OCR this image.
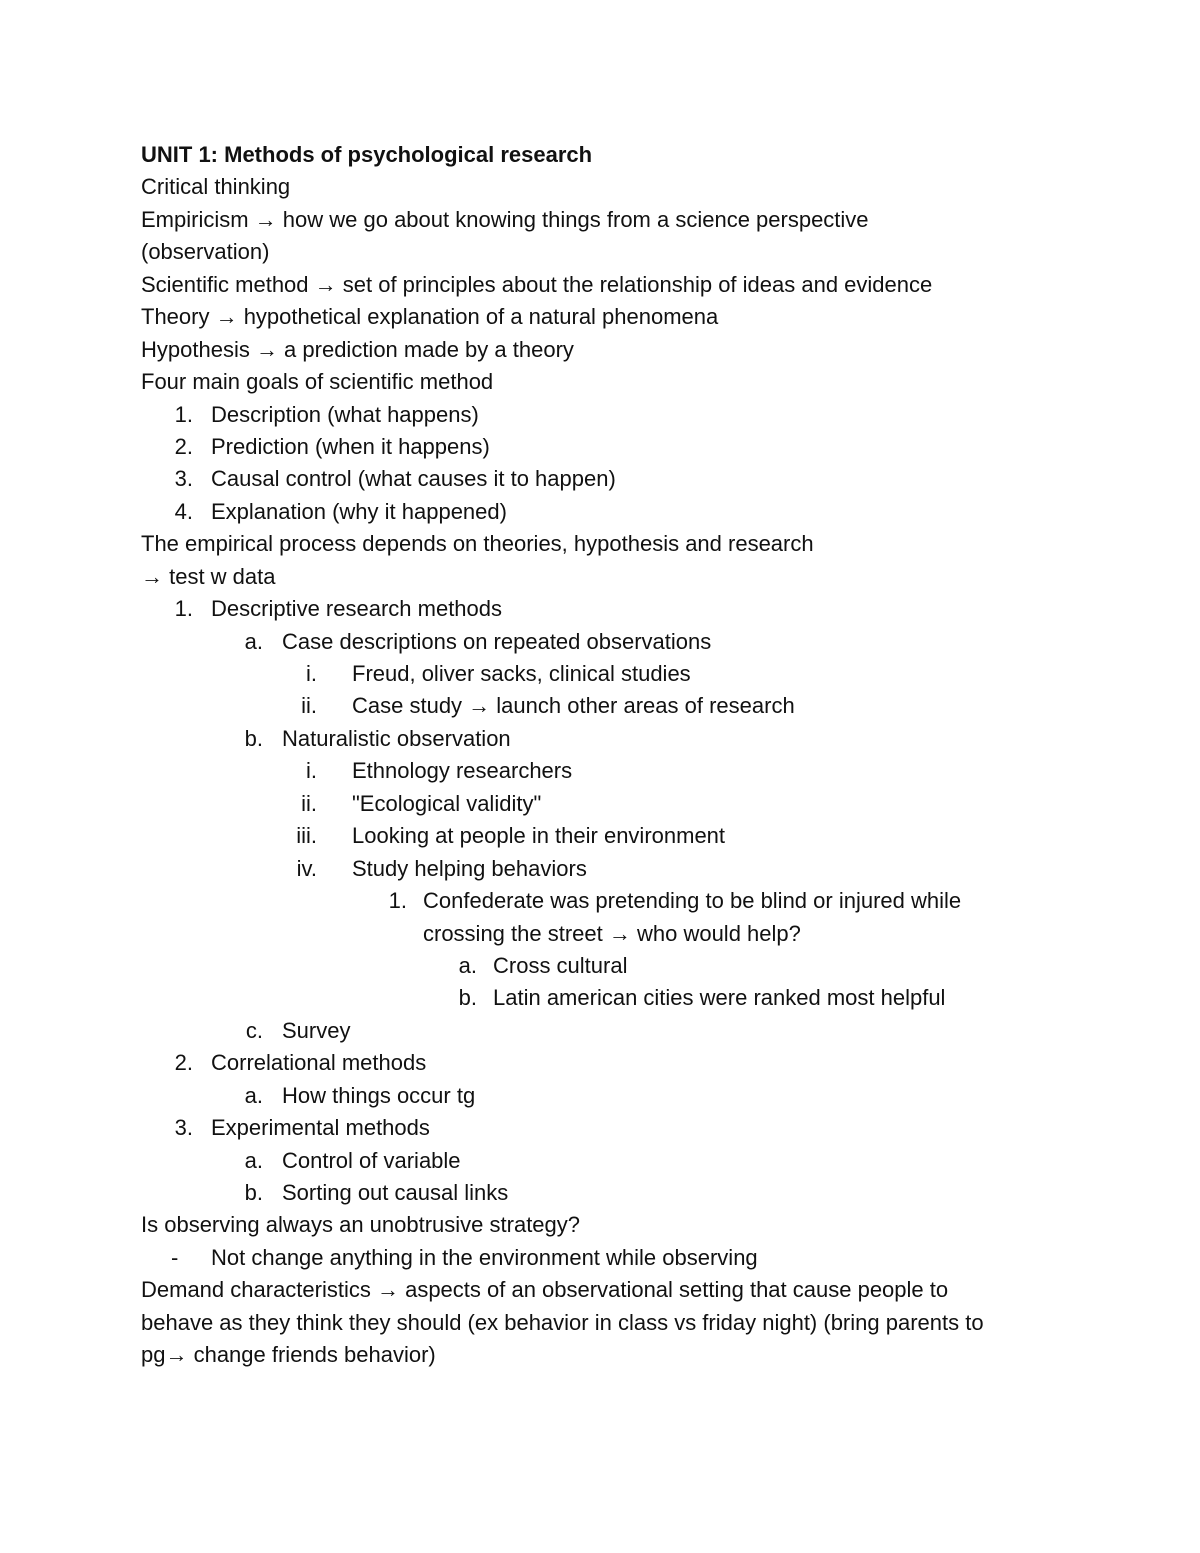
UNIT 1: Methods of psychological research
Critical thinking
Empiricism → how we go about knowing things from a science perspective
(observation)
Scientific method → set of principles about the relationship of ideas and evidence
Theory → hypothetical explanation of a natural phenomena
Hypothesis → a prediction made by a theory
Four main goals of scientific method
1. Description (what happens)
2. Prediction (when it happens)
3. Causal control (what causes it to happen)
4. Explanation (why it happened)
The empirical process depends on theories, hypothesis and research
→ test w data
1. Descriptive research methods
a. Case descriptions on repeated observations
i. Freud, oliver sacks, clinical studies
ii. Case study → launch other areas of research
b. Naturalistic observation
i. Ethnology researchers
ii. "Ecological validity"
iii. Looking at people in their environment
iv. Study helping behaviors
1. Confederate was pretending to be blind or injured while
crossing the street → who would help?
a. Cross cultural
b. Latin american cities were ranked most helpful
c. Survey
2. Correlational methods
a. How things occur tg
3. Experimental methods
a. Control of variable
b. Sorting out causal links
Is observing always an unobtrusive strategy?
-	Not change anything in the environment while observing
Demand characteristics → aspects of an observational setting that cause people to
behave as they think they should (ex behavior in class vs friday night) (bring parents to
pg→ change friends behavior)
